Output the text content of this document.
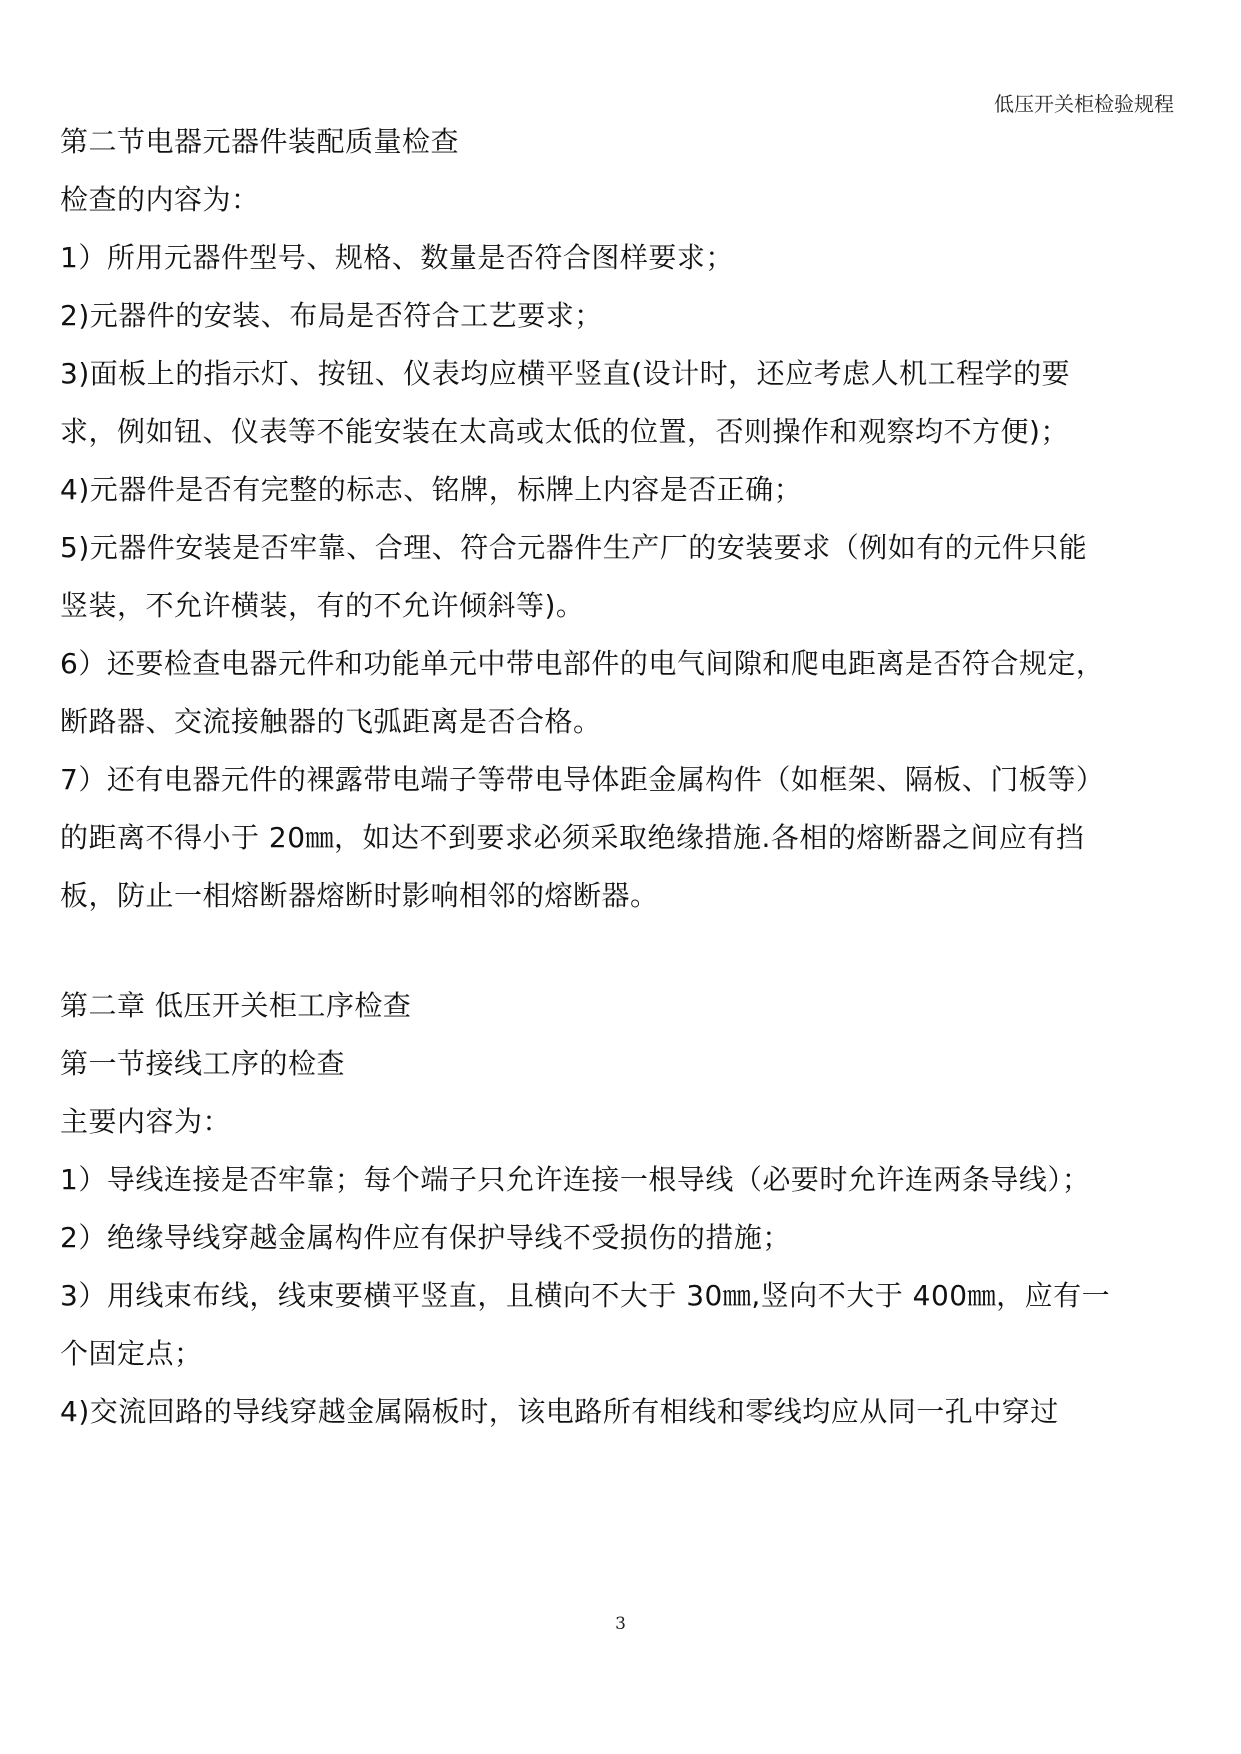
低压开关柜检验规程
第二节电器元器件装配质量检查
检查的内容为：
1）所用元器件型号、规格、数量是否符合图样要求；
2)元器件的安装、布局是否符合工艺要求；
3)面板上的指示灯、按钮、仪表均应横平竖直(设计时，还应考虑人机工程学的要
求，例如钮、仪表等不能安装在太高或太低的位置，否则操作和观察均不方便)；
4)元器件是否有完整的标志、铭牌，标牌上内容是否正确；
5)元器件安装是否牢靠、合理、符合元器件生产厂的安装要求（例如有的元件只能
竖装，不允许横装，有的不允许倾斜等)。
6）还要检查电器元件和功能单元中带电部件的电气间隙和爬电距离是否符合规定，
断路器、交流接触器的飞弧距离是否合格。
7）还有电器元件的裸露带电端子等带电导体距金属构件（如框架、隔板、门板等）
的距离不得小于 20㎜，如达不到要求必须采取绝缘措施.各相的熔断器之间应有挡
板，防止一相熔断器熔断时影响相邻的熔断器。
第二章 低压开关柜工序检查
第一节接线工序的检查
主要内容为：
1）导线连接是否牢靠；每个端子只允许连接一根导线（必要时允许连两条导线）；
2）绝缘导线穿越金属构件应有保护导线不受损伤的措施；
3）用线束布线，线束要横平竖直，且横向不大于 30㎜,竖向不大于 400㎜，应有一
个固定点；
4)交流回路的导线穿越金属隔板时，该电路所有相线和零线均应从同一孔中穿过
3
